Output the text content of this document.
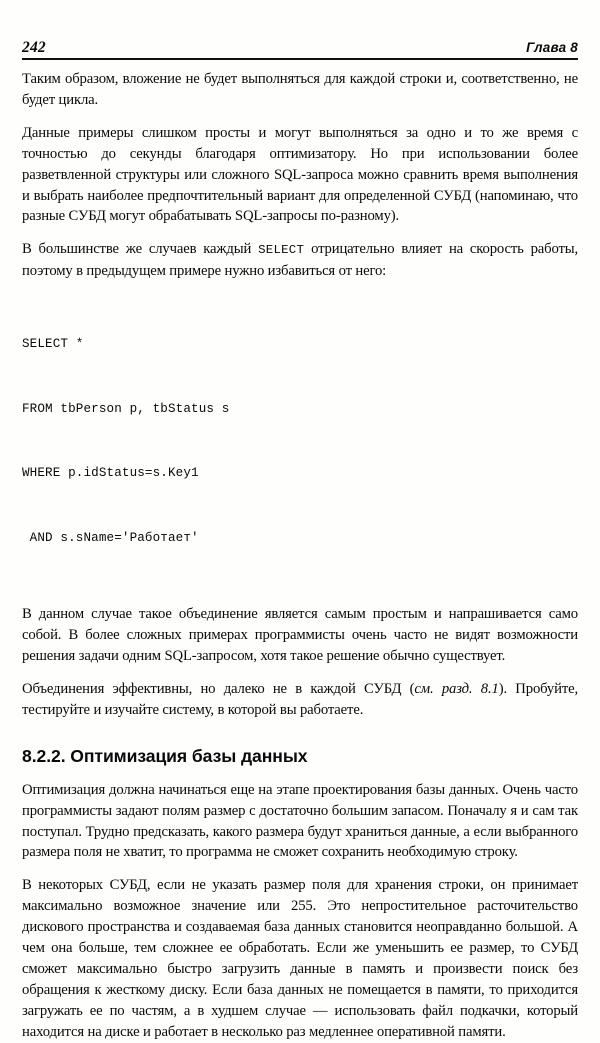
242	Глава 8

Таким образом, вложение не будет выполняться для каждой строки и, соответственно, не будет цикла.

Данные примеры слишком просты и могут выполняться за одно и то же время с точностью до секунды благодаря оптимизатору. Но при использовании более разветвленной структуры или сложного SQL-запроса можно сравнить время выполнения и выбрать наиболее предпочтительный вариант для определенной СУБД (напоминаю, что разные СУБД могут обрабатывать SQL-запросы по-разному).

В большинстве же случаев каждый SELECT отрицательно влияет на скорость работы, поэтому в предыдущем примере нужно избавиться от него:

SELECT *

FROM tbPerson p, tbStatus s

WHERE p.idStatus=s.Key1

AND s.sName='Работает'

В данном случае такое объединение является самым простым и напрашивается само собой. В более сложных примерах программисты очень часто не видят возможности решения задачи одним SQL-запросом, хотя такое решение обычно существует.

Объединения эффективны, но далеко не в каждой СУБД (см. разд. 8.1). Пробуйте, тестируйте и изучайте систему, в которой вы работаете.

8.2.2. Оптимизация базы данных

Оптимизация должна начинаться еще на этапе проектирования базы данных. Очень часто программисты задают полям размер с достаточно большим запасом. Поначалу я и сам так поступал. Трудно предсказать, какого размера будут храниться данные, а если выбранного размера поля не хватит, то программа не сможет сохранить необходимую строку.

В некоторых СУБД, если не указать размер поля для хранения строки, он принимает максимально возможное значение или 255. Это непростительное расточительство дискового пространства и создаваемая база данных становится неоправданно большой. А чем она больше, тем сложнее ее обработать. Если же уменьшить ее размер, то СУБД сможет максимально быстро загрузить данные в память и произвести поиск без обращения к жесткому диску. Если база данных не помещается в памяти, то приходится загружать ее по частям, а в худшем случае — использовать файл подкачки, который находится на диске и работает в несколько раз медленнее оперативной памяти.
